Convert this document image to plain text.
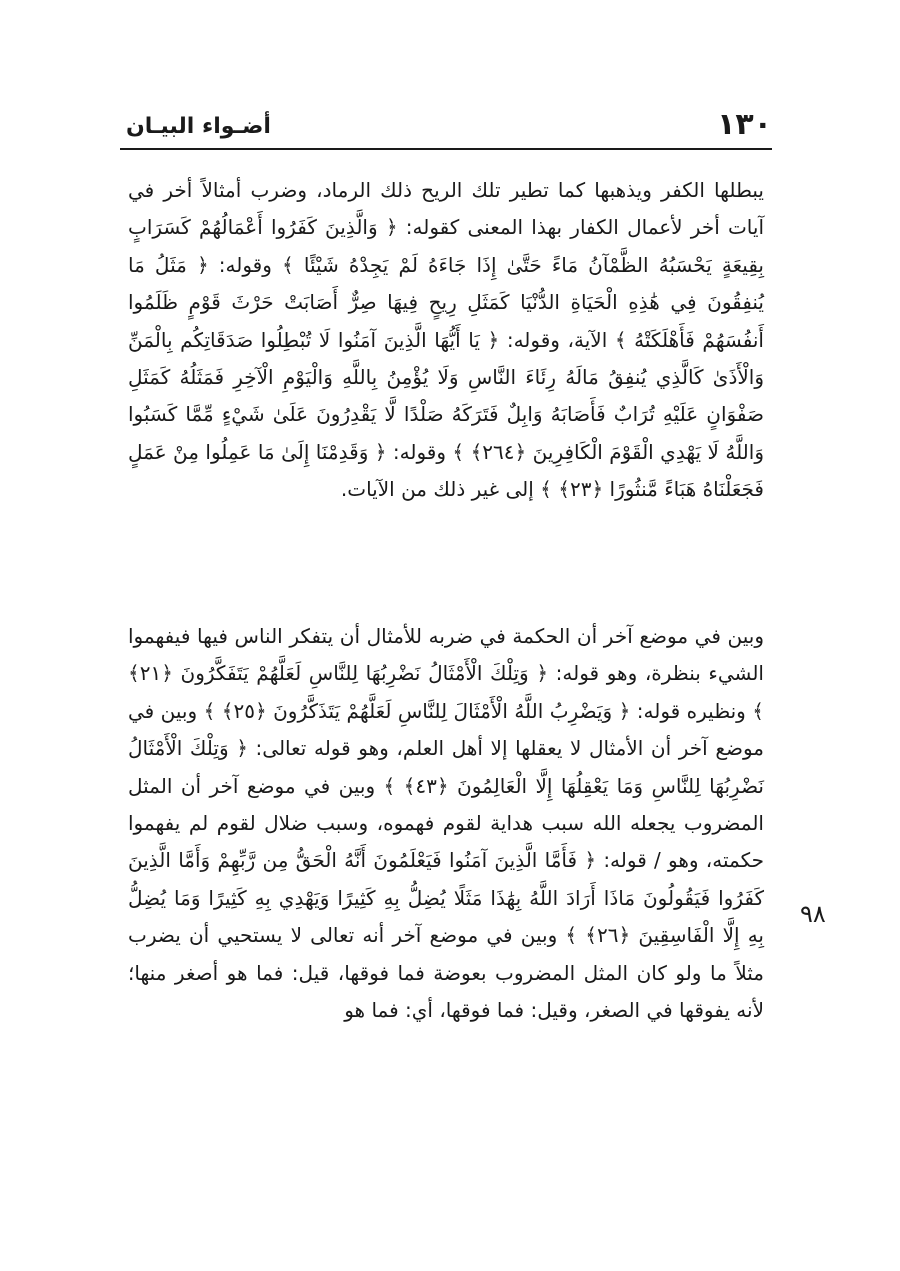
١٣٠
أضـواء البيـان
يبطلها الكفر ويذهبها كما تطير تلك الريح ذلك الرماد، وضرب أمثالاً أخر في آيات أخر لأعمال الكفار بهذا المعنى كقوله: ﴿ وَالَّذِينَ كَفَرُوا أَعْمَالُهُمْ كَسَرَابٍ بِقِيعَةٍ يَحْسَبُهُ الظَّمْآنُ مَاءً حَتَّىٰ إِذَا جَاءَهُ لَمْ يَجِدْهُ شَيْئًا ﴾ وقوله: ﴿ مَثَلُ مَا يُنفِقُونَ فِي هَٰذِهِ الْحَيَاةِ الدُّنْيَا كَمَثَلِ رِيحٍ فِيهَا صِرٌّ أَصَابَتْ حَرْثَ قَوْمٍ ظَلَمُوا أَنفُسَهُمْ فَأَهْلَكَتْهُ ﴾ الآية، وقوله: ﴿ يَا أَيُّهَا الَّذِينَ آمَنُوا لَا تُبْطِلُوا صَدَقَاتِكُم بِالْمَنِّ وَالْأَذَىٰ كَالَّذِي يُنفِقُ مَالَهُ رِئَاءَ النَّاسِ وَلَا يُؤْمِنُ بِاللَّهِ وَالْيَوْمِ الْآخِرِ فَمَثَلُهُ كَمَثَلِ صَفْوَانٍ عَلَيْهِ تُرَابٌ فَأَصَابَهُ وَابِلٌ فَتَرَكَهُ صَلْدًا لَّا يَقْدِرُونَ عَلَىٰ شَيْءٍ مِّمَّا كَسَبُوا وَاللَّهُ لَا يَهْدِي الْقَوْمَ الْكَافِرِينَ ﴿٢٦٤﴾ ﴾ وقوله: ﴿ وَقَدِمْنَا إِلَىٰ مَا عَمِلُوا مِنْ عَمَلٍ فَجَعَلْنَاهُ هَبَاءً مَّنثُورًا ﴿٢٣﴾ ﴾ إلى غير ذلك من الآيات.
وبين في موضع آخر أن الحكمة في ضربه للأمثال أن يتفكر الناس فيها فيفهموا الشيء بنظرة، وهو قوله: ﴿ وَتِلْكَ الْأَمْثَالُ نَضْرِبُهَا لِلنَّاسِ لَعَلَّهُمْ يَتَفَكَّرُونَ ﴿٢١﴾ ﴾ ونظيره قوله: ﴿ وَيَضْرِبُ اللَّهُ الْأَمْثَالَ لِلنَّاسِ لَعَلَّهُمْ يَتَذَكَّرُونَ ﴿٢٥﴾ ﴾ وبين في موضع آخر أن الأمثال لا يعقلها إلا أهل العلم، وهو قوله تعالى: ﴿ وَتِلْكَ الْأَمْثَالُ نَضْرِبُهَا لِلنَّاسِ وَمَا يَعْقِلُهَا إِلَّا الْعَالِمُونَ ﴿٤٣﴾ ﴾ وبين في موضع آخر أن المثل المضروب يجعله الله سبب هداية لقوم فهموه، وسبب ضلال لقوم لم يفهموا حكمته، وهو / قوله: ﴿ فَأَمَّا الَّذِينَ آمَنُوا فَيَعْلَمُونَ أَنَّهُ الْحَقُّ مِن رَّبِّهِمْ وَأَمَّا الَّذِينَ كَفَرُوا فَيَقُولُونَ مَاذَا أَرَادَ اللَّهُ بِهَٰذَا مَثَلًا يُضِلُّ بِهِ كَثِيرًا وَيَهْدِي بِهِ كَثِيرًا وَمَا يُضِلُّ بِهِ إِلَّا الْفَاسِقِينَ ﴿٢٦﴾ ﴾ وبين في موضع آخر أنه تعالى لا يستحيي أن يضرب مثلاً ما ولو كان المثل المضروب بعوضة فما فوقها، قيل: فما هو أصغر منها؛ لأنه يفوقها في الصغر، وقيل: فما فوقها، أي: فما هو
٩٨
